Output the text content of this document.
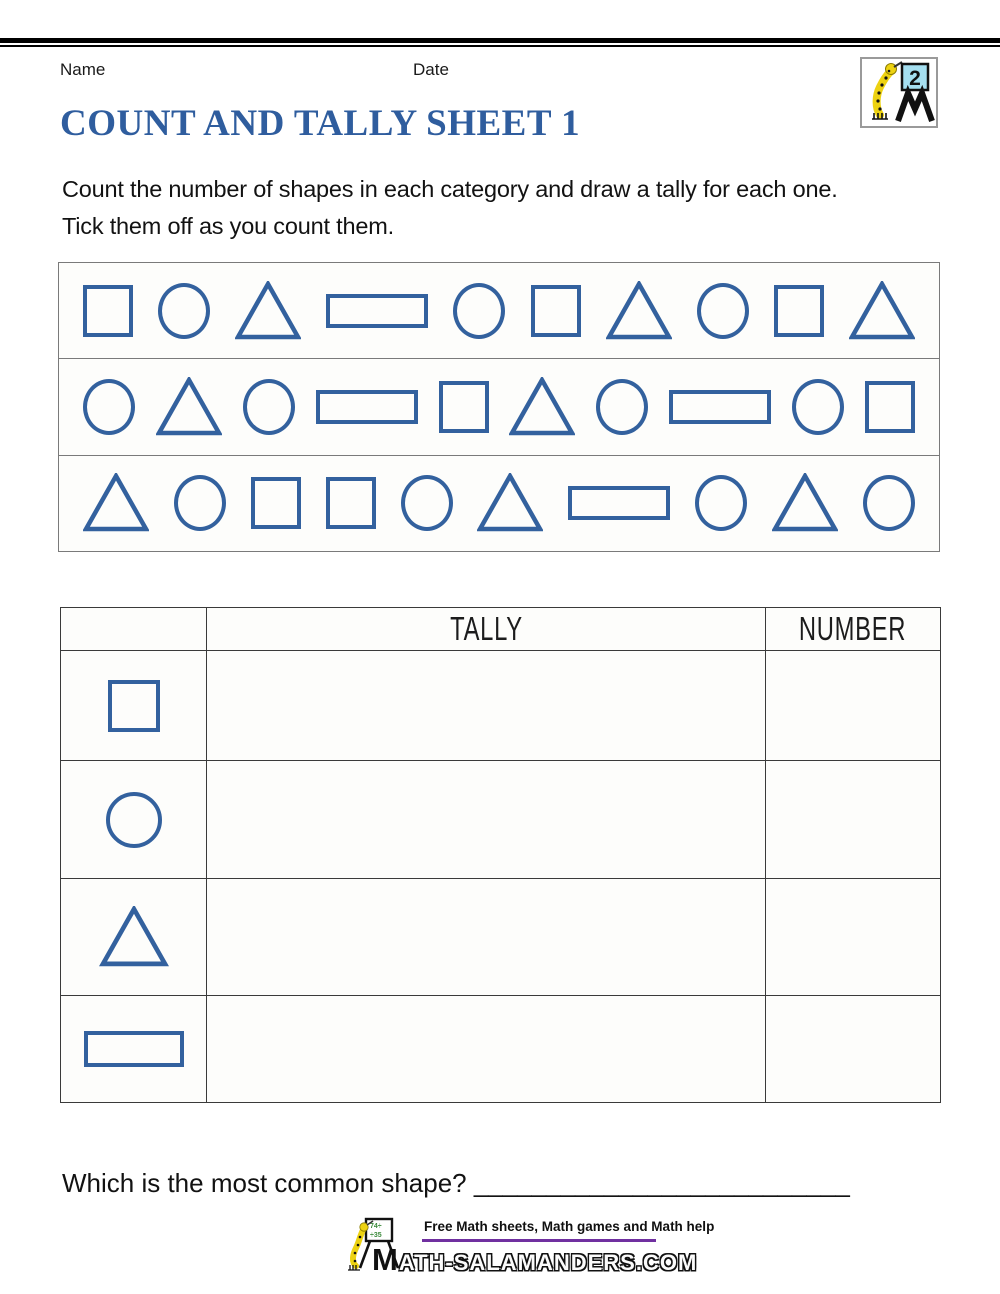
Name	Date	2
COUNT AND TALLY SHEET 1

Count the number of shapes in each category and draw a tally for each one.

Tick them off as you count them.

TALLY	NUMBER
Which is the most common shape? __________________________
74÷
÷35
Free Math sheets, Math games and Math help
MATH-SALAMANDERS.COM
